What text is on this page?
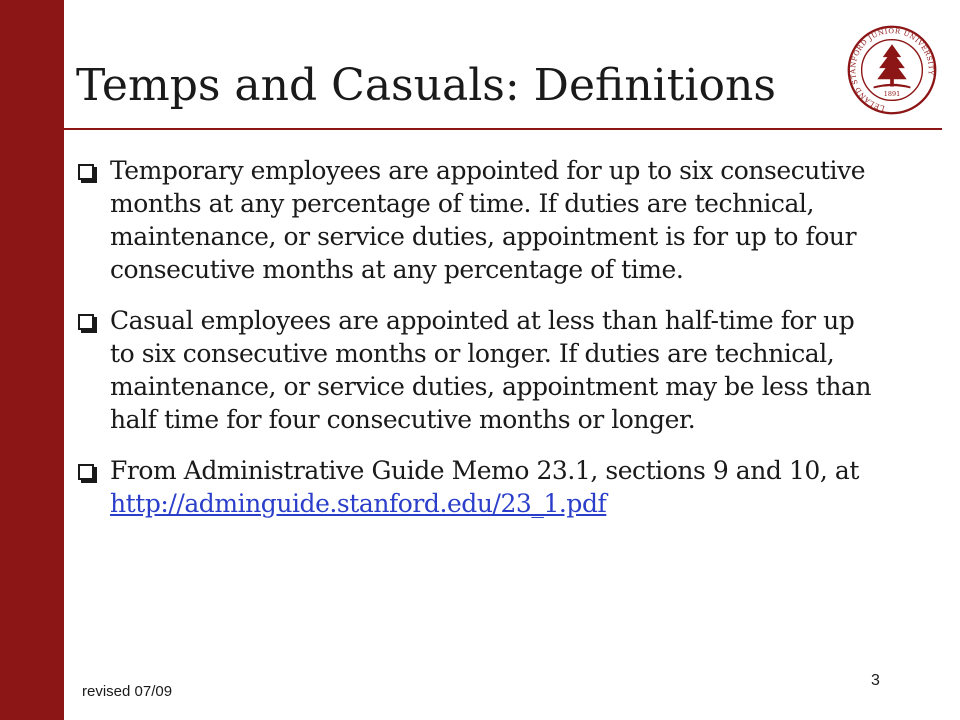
Temps and Casuals: Definitions	LELAND STANFORD JUNIOR UNIVERSITY
1891
Temporary employees are appointed for up to six consecutive months at any percentage of time. If duties are technical, maintenance, or service duties, appointment is for up to four consecutive months at any percentage of time.
Casual employees are appointed at less than half-time for up to six consecutive months or longer. If duties are technical, maintenance, or service duties, appointment may be less than half time for four consecutive months or longer.
From Administrative Guide Memo 23.1, sections 9 and 10, at http://adminguide.stanford.edu/23_1.pdf
revised 07/09
3
